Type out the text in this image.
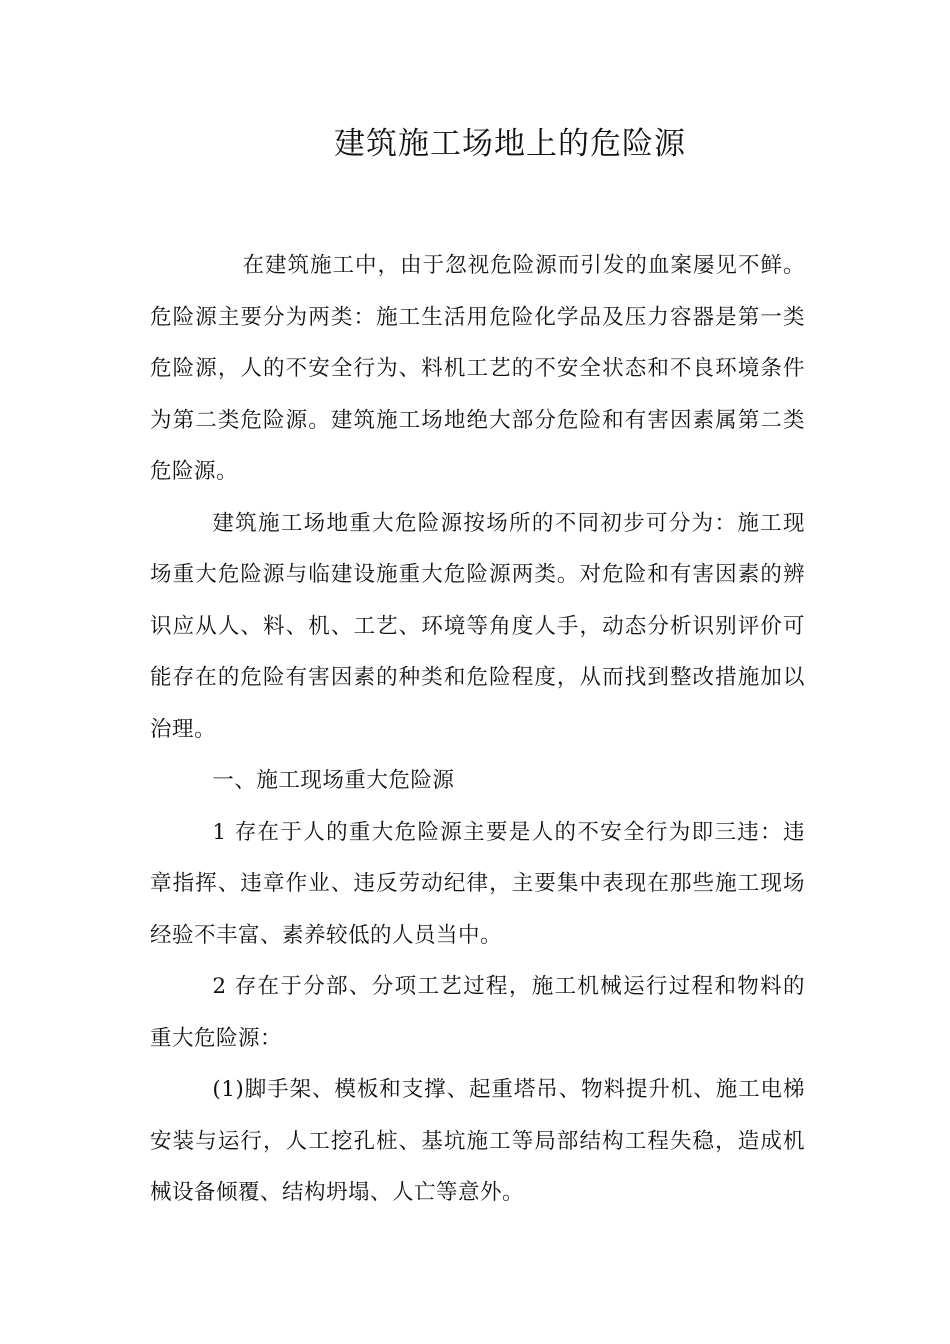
建筑施工场地上的危险源

在建筑施工中，由于忽视危险源而引发的血案屡见不鲜。危险源主要分为两类：施工生活用危险化学品及压力容器是第一类危险源，人的不安全行为、料机工艺的不安全状态和不良环境条件为第二类危险源。建筑施工场地绝大部分危险和有害因素属第二类危险源。

建筑施工场地重大危险源按场所的不同初步可分为：施工现场重大危险源与临建设施重大危险源两类。对危险和有害因素的辨识应从人、料、机、工艺、环境等角度人手，动态分析识别评价可能存在的危险有害因素的种类和危险程度，从而找到整改措施加以治理。

一、施工现场重大危险源

1 存在于人的重大危险源主要是人的不安全行为即三违：违章指挥、违章作业、违反劳动纪律，主要集中表现在那些施工现场经验不丰富、素养较低的人员当中。

2 存在于分部、分项工艺过程，施工机械运行过程和物料的重大危险源：

(1)脚手架、模板和支撑、起重塔吊、物料提升机、施工电梯安装与运行，人工挖孔桩、基坑施工等局部结构工程失稳，造成机械设备倾覆、结构坍塌、人亡等意外。
